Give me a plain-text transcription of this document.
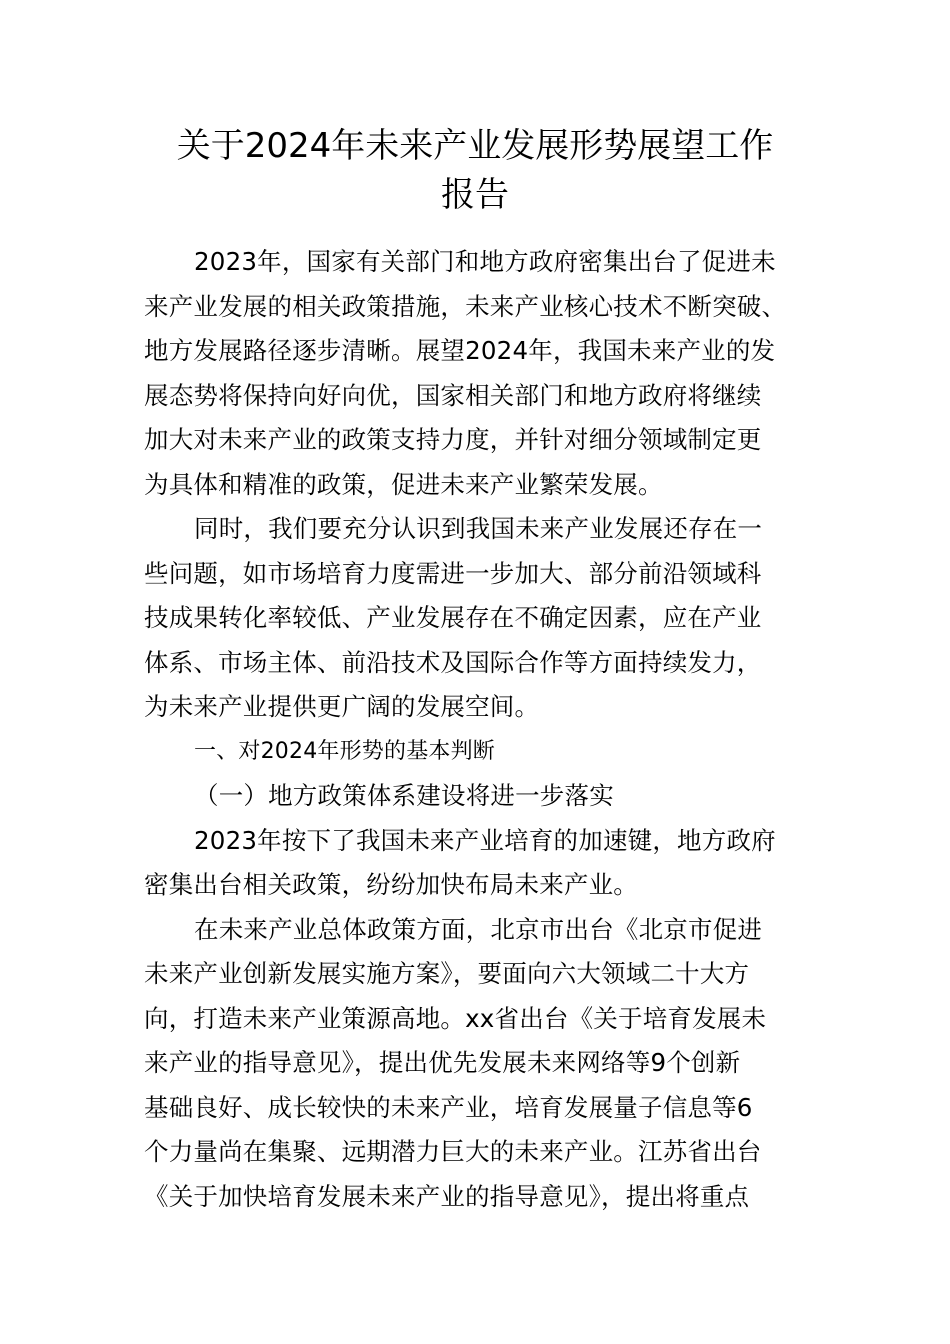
关于2024年未来产业发展形势展望工作
报告

2023年，国家有关部门和地方政府密集出台了促进未
来产业发展的相关政策措施，未来产业核心技术不断突破、
地方发展路径逐步清晰。展望2024年，我国未来产业的发
展态势将保持向好向优，国家相关部门和地方政府将继续
加大对未来产业的政策支持力度，并针对细分领域制定更
为具体和精准的政策，促进未来产业繁荣发展。

同时，我们要充分认识到我国未来产业发展还存在一
些问题，如市场培育力度需进一步加大、部分前沿领域科
技成果转化率较低、产业发展存在不确定因素，应在产业
体系、市场主体、前沿技术及国际合作等方面持续发力，
为未来产业提供更广阔的发展空间。

一、对2024年形势的基本判断

（一）地方政策体系建设将进一步落实

2023年按下了我国未来产业培育的加速键，地方政府
密集出台相关政策，纷纷加快布局未来产业。

在未来产业总体政策方面，北京市出台《北京市促进
未来产业创新发展实施方案》，要面向六大领域二十大方
向，打造未来产业策源高地。xx省出台《关于培育发展未
来产业的指导意见》，提出优先发展未来网络等9个创新
基础良好、成长较快的未来产业，培育发展量子信息等6
个力量尚在集聚、远期潜力巨大的未来产业。江苏省出台
《关于加快培育发展未来产业的指导意见》，提出将重点
